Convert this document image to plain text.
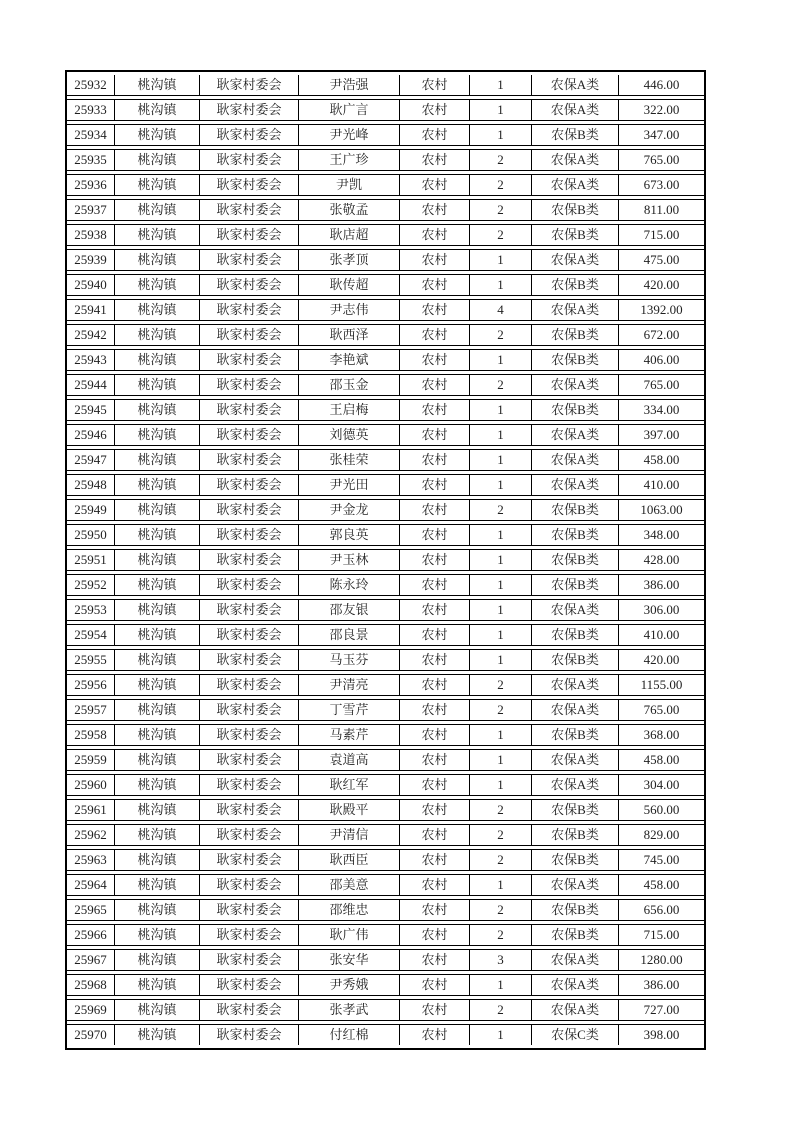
25932	桃沟镇	耿家村委会	尹浩强	农村	1	农保A类	446.00
25933	桃沟镇	耿家村委会	耿广言	农村	1	农保A类	322.00
25934	桃沟镇	耿家村委会	尹光峰	农村	1	农保B类	347.00
25935	桃沟镇	耿家村委会	王广珍	农村	2	农保A类	765.00
25936	桃沟镇	耿家村委会	尹凯	农村	2	农保A类	673.00
25937	桃沟镇	耿家村委会	张敬孟	农村	2	农保B类	811.00
25938	桃沟镇	耿家村委会	耿店超	农村	2	农保B类	715.00
25939	桃沟镇	耿家村委会	张孝顶	农村	1	农保A类	475.00
25940	桃沟镇	耿家村委会	耿传超	农村	1	农保B类	420.00
25941	桃沟镇	耿家村委会	尹志伟	农村	4	农保A类	1392.00
25942	桃沟镇	耿家村委会	耿西泽	农村	2	农保B类	672.00
25943	桃沟镇	耿家村委会	李艳斌	农村	1	农保B类	406.00
25944	桃沟镇	耿家村委会	邵玉金	农村	2	农保A类	765.00
25945	桃沟镇	耿家村委会	王启梅	农村	1	农保B类	334.00
25946	桃沟镇	耿家村委会	刘德英	农村	1	农保A类	397.00
25947	桃沟镇	耿家村委会	张桂荣	农村	1	农保A类	458.00
25948	桃沟镇	耿家村委会	尹光田	农村	1	农保A类	410.00
25949	桃沟镇	耿家村委会	尹金龙	农村	2	农保B类	1063.00
25950	桃沟镇	耿家村委会	郭良英	农村	1	农保B类	348.00
25951	桃沟镇	耿家村委会	尹玉林	农村	1	农保B类	428.00
25952	桃沟镇	耿家村委会	陈永玲	农村	1	农保B类	386.00
25953	桃沟镇	耿家村委会	邵友银	农村	1	农保A类	306.00
25954	桃沟镇	耿家村委会	邵良景	农村	1	农保B类	410.00
25955	桃沟镇	耿家村委会	马玉芬	农村	1	农保B类	420.00
25956	桃沟镇	耿家村委会	尹清亮	农村	2	农保A类	1155.00
25957	桃沟镇	耿家村委会	丁雪芹	农村	2	农保A类	765.00
25958	桃沟镇	耿家村委会	马素芹	农村	1	农保B类	368.00
25959	桃沟镇	耿家村委会	袁道高	农村	1	农保A类	458.00
25960	桃沟镇	耿家村委会	耿红军	农村	1	农保A类	304.00
25961	桃沟镇	耿家村委会	耿殿平	农村	2	农保B类	560.00
25962	桃沟镇	耿家村委会	尹清信	农村	2	农保B类	829.00
25963	桃沟镇	耿家村委会	耿西臣	农村	2	农保B类	745.00
25964	桃沟镇	耿家村委会	邵美意	农村	1	农保A类	458.00
25965	桃沟镇	耿家村委会	邵维忠	农村	2	农保B类	656.00
25966	桃沟镇	耿家村委会	耿广伟	农村	2	农保B类	715.00
25967	桃沟镇	耿家村委会	张安华	农村	3	农保A类	1280.00
25968	桃沟镇	耿家村委会	尹秀娥	农村	1	农保A类	386.00
25969	桃沟镇	耿家村委会	张孝武	农村	2	农保A类	727.00
25970	桃沟镇	耿家村委会	付红棉	农村	1	农保C类	398.00
